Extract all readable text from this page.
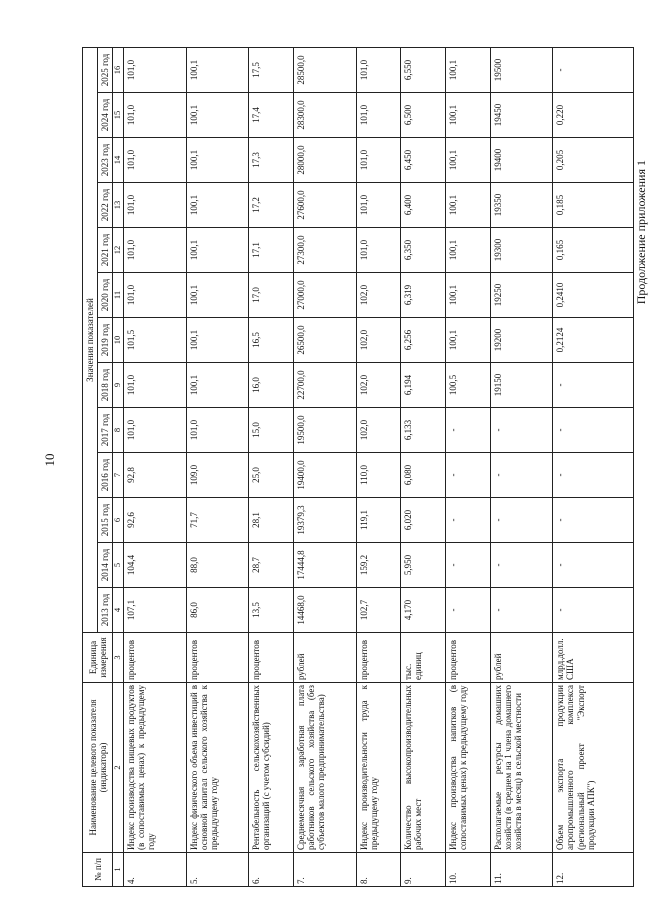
10
Продолжение приложения 1
№ п/п	Наименование целевого показателя (индикатора)	Единица измерения	Значения показателей												
			2013 год	2014 год	2015 год	2016 год	2017 год	2018 год	2019 год	2020 год	2021 год	2022 год	2023 год	2024 год	2025 год
1	2	3	4	5	6	7	8	9	10	11	12	13	14	15	16
4.	Индекс производства пищевых продуктов (в сопоставимых ценах) к предыдущему году	процентов	107,1	104,4	92,6	92,8	101,0	101,0	101,5	101,0	101,0	101,0	101,0	101,0	101,0
5.	Индекс физического объема инвестиций в основной капитал сельского хозяйства к предыдущему году	процентов	86,0	88,0	71,7	109,0	101,0	100,1	100,1	100,1	100,1	100,1	100,1	100,1	100,1
6.	Рентабельность сельскохозяйственных организаций (с учетом субсидий)	процентов	13,5	28,7	28,1	25,0	15,0	16,0	16,5	17,0	17,1	17,2	17,3	17,4	17,5
7.	Среднемесячная заработная плата работников сельского хозяйства (без субъектов малого предпринимательства)	рублей	14468,0	17444,8	19379,3	19400,0	19500,0	22700,0	26500,0	27000,0	27300,0	27600,0	28000,0	28300,0	28500,0
8.	Индекс производительности труда к предыдущему году	процентов	102,7	159,2	119,1	110,0	102,0	102,0	102,0	102,0	101,0	101,0	101,0	101,0	101,0
9.	Количество высокопроизводительных рабочих мест	тыс. единиц	4,170	5,950	6,020	6,080	6,133	6,194	6,256	6,319	6,350	6,400	6,450	6,500	6,550
10.	Индекс производства напитков (в сопоставимых ценах) к предыдущему году	процентов	-	-	-	-	-	100,5	100,1	100,1	100,1	100,1	100,1	100,1	100,1
11.	Располагаемые ресурсы домашних хозяйств (в среднем на 1 члена домашнего хозяйства в месяц) в сельской местности	рублей	-	-	-	-	-	19150	19200	19250	19300	19350	19400	19450	19500
12.	Объем экспорта продукции агропромышленного комплекса (региональный проект "Экспорт продукции АПК")	млрд.долл. США	-	-	-	-	-	-	0,2124	0,2410	0,165	0,185	0,205	0,220	-
